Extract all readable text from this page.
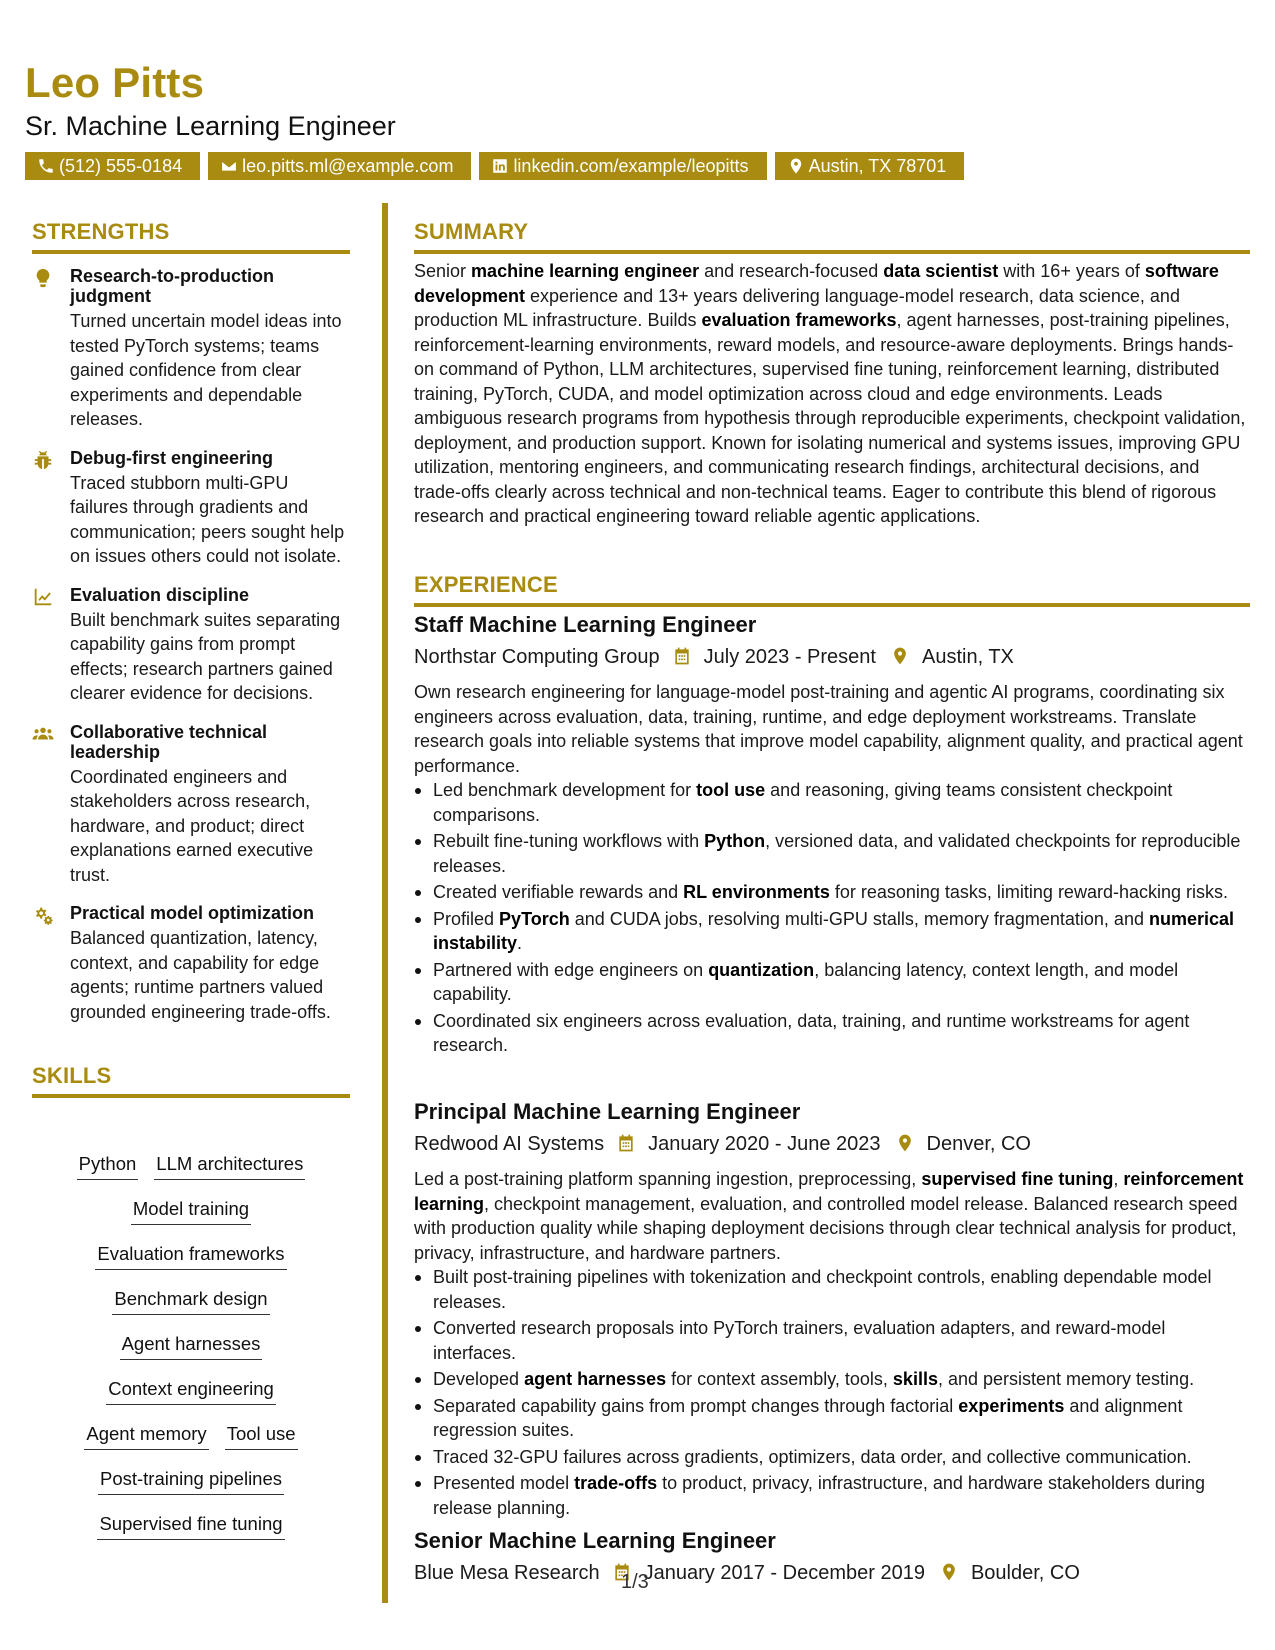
Leo Pitts
Sr. Machine Learning Engineer
(512) 555-0184	leo.pitts.ml@example.com	linkedin.com/example/leopitts	Austin, TX 78701
STRENGTHS
Research-to-production judgment
Turned uncertain model ideas into tested PyTorch systems; teams gained confidence from clear experiments and dependable releases.
Debug-first engineering
Traced stubborn multi-GPU failures through gradients and communication; peers sought help on issues others could not isolate.
Evaluation discipline
Built benchmark suites separating capability gains from prompt effects; research partners gained clearer evidence for decisions.
Collaborative technical leadership
Coordinated engineers and stakeholders across research, hardware, and product; direct explanations earned executive trust.
Practical model optimization
Balanced quantization, latency, context, and capability for edge agents; runtime partners valued grounded engineering trade-offs.
SKILLS
Python LLM architectures
Model training
Evaluation frameworks
Benchmark design
Agent harnesses
Context engineering
Agent memory Tool use
Post-training pipelines
Supervised fine tuning
SUMMARY
Senior machine learning engineer and research-focused data scientist with 16+ years of software development experience and 13+ years delivering language-model research, data science, and production ML infrastructure. Builds evaluation frameworks, agent harnesses, post-training pipelines, reinforcement-learning environments, reward models, and resource-aware deployments. Brings hands-on command of Python, LLM architectures, supervised fine tuning, reinforcement learning, distributed training, PyTorch, CUDA, and model optimization across cloud and edge environments. Leads ambiguous research programs from hypothesis through reproducible experiments, checkpoint validation, deployment, and production support. Known for isolating numerical and systems issues, improving GPU utilization, mentoring engineers, and communicating research findings, architectural decisions, and trade-offs clearly across technical and non-technical teams. Eager to contribute this blend of rigorous research and practical engineering toward reliable agentic applications.
EXPERIENCE
Staff Machine Learning Engineer
Northstar Computing Group July 2023 - Present Austin, TX
Own research engineering for language-model post-training and agentic AI programs, coordinating six engineers across evaluation, data, training, runtime, and edge deployment workstreams. Translate research goals into reliable systems that improve model capability, alignment quality, and practical agent performance.
Led benchmark development for tool use and reasoning, giving teams consistent checkpoint comparisons.
Rebuilt fine-tuning workflows with Python, versioned data, and validated checkpoints for reproducible releases.
Created verifiable rewards and RL environments for reasoning tasks, limiting reward-hacking risks.
Profiled PyTorch and CUDA jobs, resolving multi-GPU stalls, memory fragmentation, and numerical instability.
Partnered with edge engineers on quantization, balancing latency, context length, and model capability.
Coordinated six engineers across evaluation, data, training, and runtime workstreams for agent research.
Principal Machine Learning Engineer
Redwood AI Systems January 2020 - June 2023 Denver, CO
Led a post-training platform spanning ingestion, preprocessing, supervised fine tuning, reinforcement learning, checkpoint management, evaluation, and controlled model release. Balanced research speed with production quality while shaping deployment decisions through clear technical analysis for product, privacy, infrastructure, and hardware partners.
Built post-training pipelines with tokenization and checkpoint controls, enabling dependable model releases.
Converted research proposals into PyTorch trainers, evaluation adapters, and reward-model interfaces.
Developed agent harnesses for context assembly, tools, skills, and persistent memory testing.
Separated capability gains from prompt changes through factorial experiments and alignment regression suites.
Traced 32-GPU failures across gradients, optimizers, data order, and collective communication.
Presented model trade-offs to product, privacy, infrastructure, and hardware stakeholders during release planning.
Senior Machine Learning Engineer
Blue Mesa Research January 2017 - December 2019 Boulder, CO
1/3
